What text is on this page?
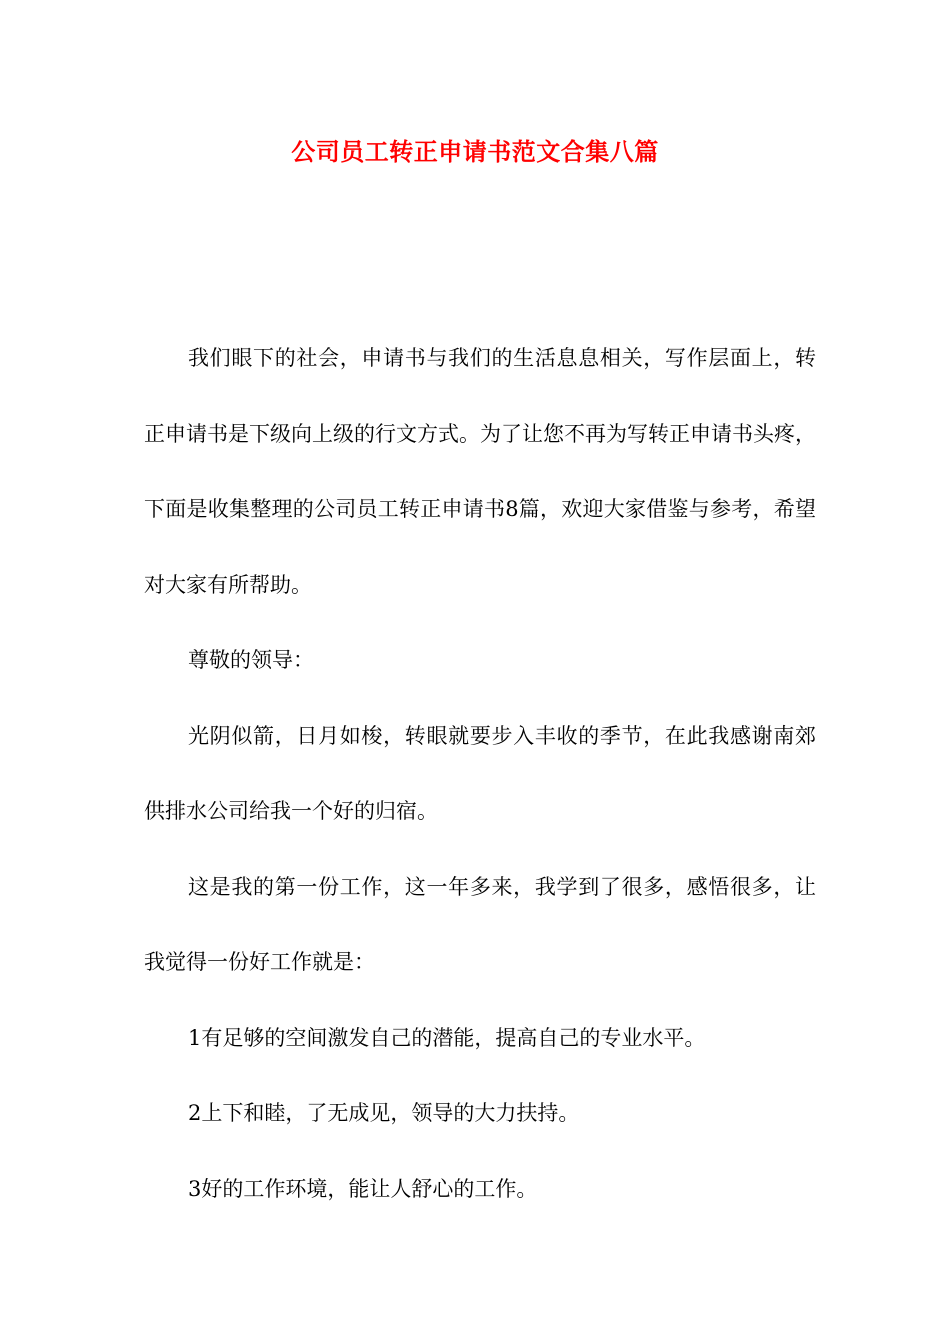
公司员工转正申请书范文合集八篇

我们眼下的社会，申请书与我们的生活息息相关，写作层面上，转正申请书是下级向上级的行文方式。为了让您不再为写转正申请书头疼，下面是收集整理的公司员工转正申请书8篇，欢迎大家借鉴与参考，希望对大家有所帮助。

尊敬的领导：

光阴似箭，日月如梭，转眼就要步入丰收的季节，在此我感谢南郊供排水公司给我一个好的归宿。

这是我的第一份工作，这一年多来，我学到了很多，感悟很多，让我觉得一份好工作就是：

1有足够的空间激发自己的潜能，提高自己的专业水平。

2上下和睦，了无成见，领导的大力扶持。

3好的工作环境，能让人舒心的工作。
